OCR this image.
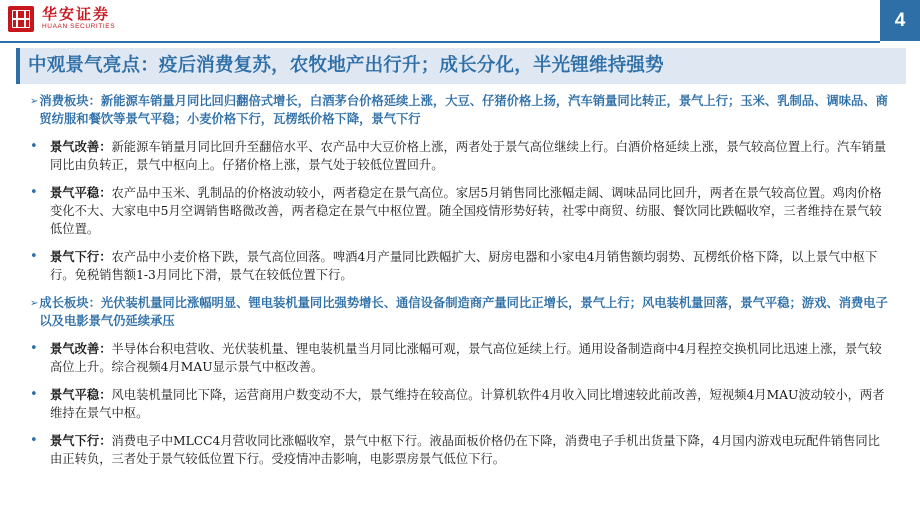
华安证券
HUAAN SECURITIES	4
中观景气亮点：疫后消费复苏，农牧地产出行升；成长分化，半光锂维持强势
➢ 消费板块：新能源车销量月同比回归翻倍式增长，白酒茅台价格延续上涨，大豆、仔猪价格上扬，汽车销量同比转正，景气上行；玉米、乳制品、调味品、商贸纺服和餐饮等景气平稳；小麦价格下行，瓦楞纸价格下降，景气下行
•	景气改善：新能源车销量月同比回升至翻倍水平、农产品中大豆价格上涨，两者处于景气高位继续上行。白酒价格延续上涨，景气较高位置上行。汽车销量同比由负转正，景气中枢向上。仔猪价格上涨，景气处于较低位置回升。
•	景气平稳：农产品中玉米、乳制品的价格波动较小，两者稳定在景气高位。家居5月销售同比涨幅走阔、调味品同比回升，两者在景气较高位置。鸡肉价格变化不大、大家电中5月空调销售略微改善，两者稳定在景气中枢位置。随全国疫情形势好转，社零中商贸、纺服、餐饮同比跌幅收窄，三者维持在景气较低位置。
•	景气下行：农产品中小麦价格下跌，景气高位回落。啤酒4月产量同比跌幅扩大、厨房电器和小家电4月销售额均弱势、瓦楞纸价格下降，以上景气中枢下行。免税销售额1-3月同比下滑，景气在较低位置下行。
➢ 成长板块：光伏装机量同比涨幅明显、锂电装机量同比强势增长、通信设备制造商产量同比正增长，景气上行；风电装机量回落，景气平稳；游戏、消费电子以及电影景气仍延续承压
•	景气改善：半导体台积电营收、光伏装机量、锂电装机量当月同比涨幅可观，景气高位延续上行。通用设备制造商中4月程控交换机同比迅速上涨，景气较高位上升。综合视频4月MAU显示景气中枢改善。
•	景气平稳：风电装机量同比下降，运营商用户数变动不大，景气维持在较高位。计算机软件4月收入同比增速较此前改善，短视频4月MAU波动较小，两者维持在景气中枢。
•	景气下行：消费电子中MLCC4月营收同比涨幅收窄，景气中枢下行。液晶面板价格仍在下降，消费电子手机出货量下降，4月国内游戏电玩配件销售同比由正转负，三者处于景气较低位置下行。受疫情冲击影响，电影票房景气低位下行。
